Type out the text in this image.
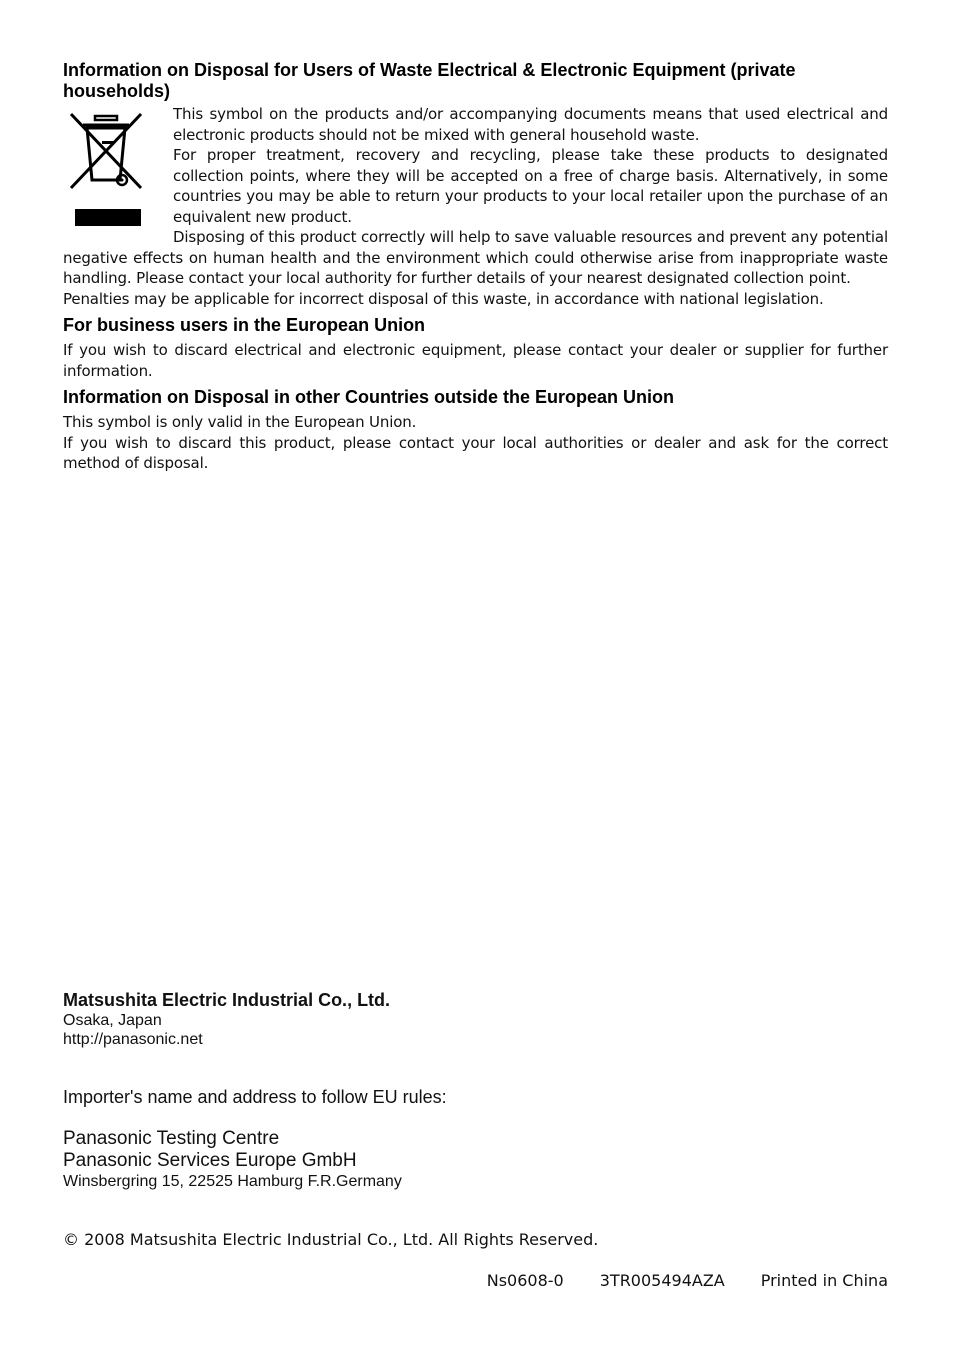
Information on Disposal for Users of Waste Electrical & Electronic Equipment (private households)

This symbol on the products and/or accompanying documents means that used electrical and electronic products should not be mixed with general household waste.

For proper treatment, recovery and recycling, please take these products to designated collection points, where they will be accepted on a free of charge basis. Alternatively, in some countries you may be able to return your products to your local retailer upon the purchase of an equivalent new product.

Disposing of this product correctly will help to save valuable resources and prevent any potential negative effects on human health and the environment which could otherwise arise from inappropriate waste handling. Please contact your local authority for further details of your nearest designated collection point.

Penalties may be applicable for incorrect disposal of this waste, in accordance with national legislation.

For business users in the European Union

If you wish to discard electrical and electronic equipment, please contact your dealer or supplier for further information.

Information on Disposal in other Countries outside the European Union

This symbol is only valid in the European Union.

If you wish to discard this product, please contact your local authorities or dealer and ask for the correct method of disposal.

Matsushita Electric Industrial Co., Ltd.
Osaka, Japan
http://panasonic.net
Importer's name and address to follow EU rules:
Panasonic Testing Centre
Panasonic Services Europe GmbH
Winsbergring 15, 22525 Hamburg F.R.Germany
© 2008 Matsushita Electric Industrial Co., Ltd. All Rights Reserved.
Ns0608-0 3TR005494AZA Printed in China
